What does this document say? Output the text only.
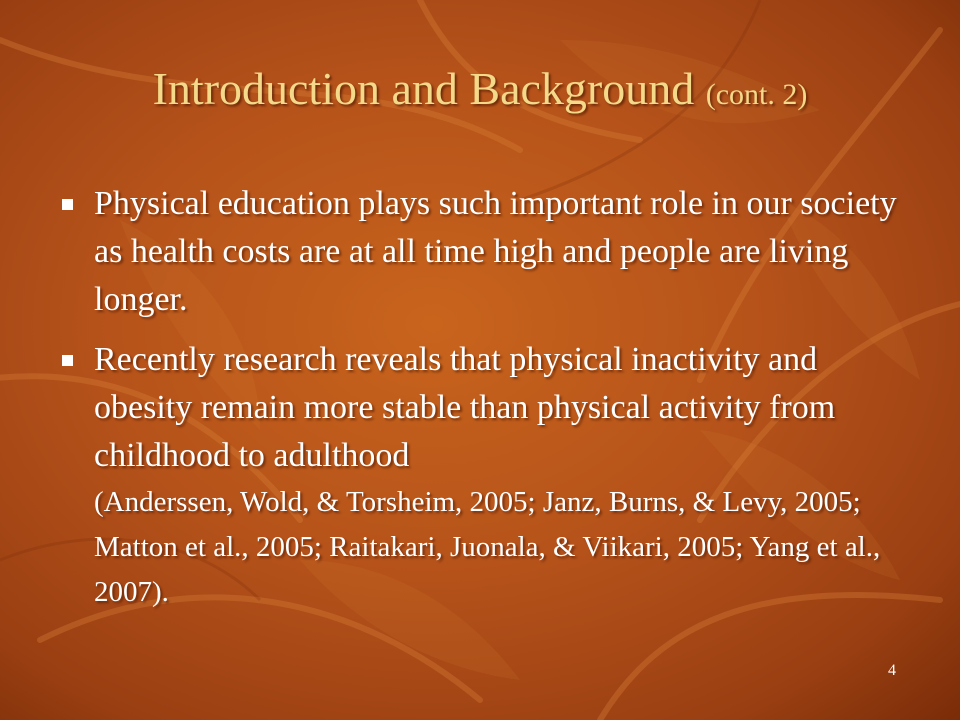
Introduction and Background (cont. 2)
Physical education plays such important role in our society as health costs are at all time high and people are living longer.
Recently research reveals that physical inactivity and obesity remain more stable than physical activity from childhood to adulthood
(Anderssen, Wold, & Torsheim, 2005; Janz, Burns, & Levy, 2005; Matton et al., 2005; Raitakari, Juonala, & Viikari, 2005; Yang et al., 2007).
4
